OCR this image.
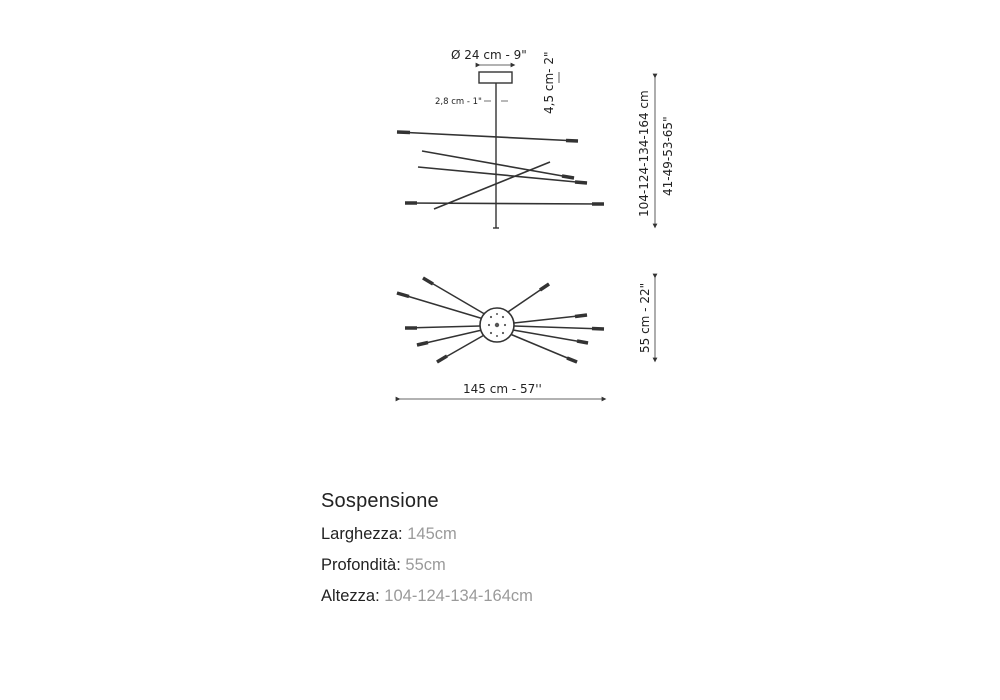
Ø 24 cm - 9" 4,5 cm- 2"
2,8 cm - 1"	104-124-134-164 cm 41-49-53-65"
55 cm - 22"
145 cm - 57''
Sospensione
Larghezza: 145cm
Profondità: 55cm
Altezza: 104-124-134-164cm
